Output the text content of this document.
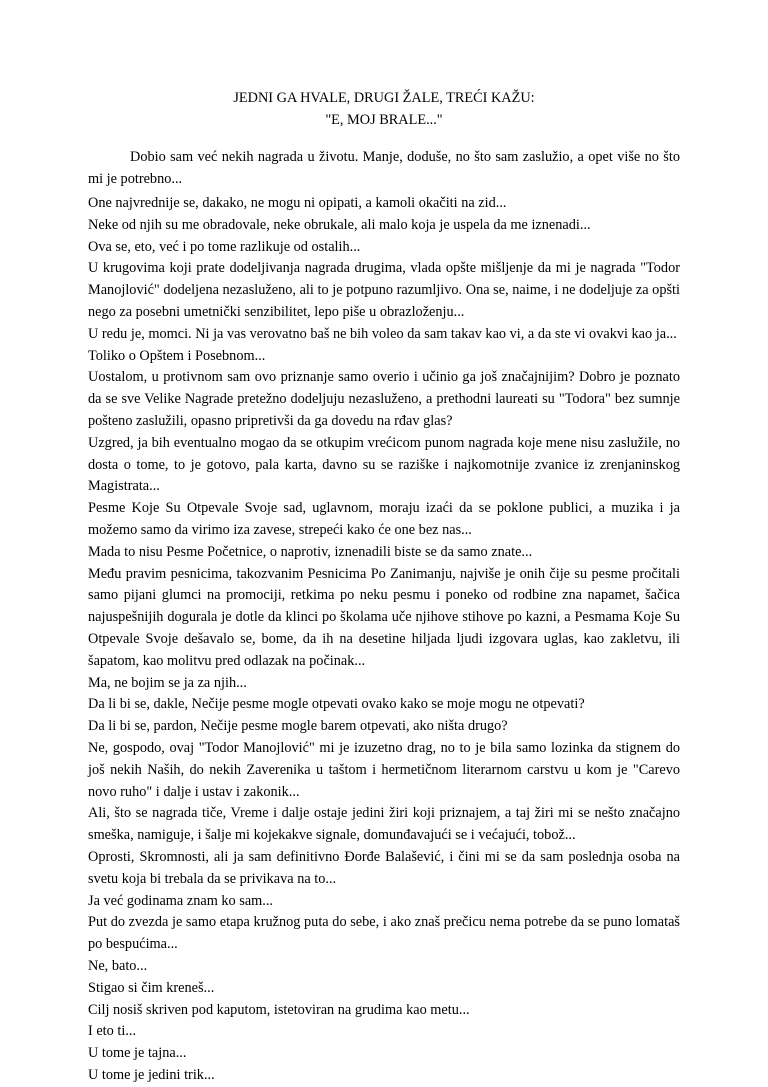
JEDNI GA HVALE, DRUGI ŽALE, TREĆI KAŽU:
"E, MOJ BRALE..."

Dobio sam već nekih nagrada u životu. Manje, doduše, no što sam zaslužio, a opet više no što mi je potrebno...

One najvrednije se, dakako, ne mogu ni opipati, a kamoli okačiti na zid...

Neke od njih su me obradovale, neke obrukale, ali malo koja je uspela da me iznenadi...

Ova se, eto, već i po tome razlikuje od ostalih...

U krugovima koji prate dodeljivanja nagrada drugima, vlada opšte mišljenje da mi je nagrada "Todor Manojlović" dodeljena nezasluženo, ali to je potpuno razumljivo. Ona se, naime, i ne dodeljuje za opšti nego za posebni umetnički senzibilitet, lepo piše u obrazloženju...

U redu je, momci. Ni ja vas verovatno baš ne bih voleo da sam takav kao vi, a da ste vi ovakvi kao ja...

Toliko o Opštem i Posebnom...

Uostalom, u protivnom sam ovo priznanje samo overio i učinio ga još značajnijim? Dobro je poznato da se sve Velike Nagrade pretežno dodeljuju nezasluženo, a prethodni laureati su "Todora" bez sumnje pošteno zaslužili, opasno pripretivši da ga dovedu na rđav glas?

Uzgred, ja bih eventualno mogao da se otkupim vrećicom punom nagrada koje mene nisu zaslužile, no dosta o tome, to je gotovo, pala karta, davno su se raziške i najkomotnije zvanice iz zrenjaninskog Magistrata...

Pesme Koje Su Otpevale Svoje sad, uglavnom, moraju izaći da se poklone publici, a muzika i ja možemo samo da virimo iza zavese, strepeći kako će one bez nas...

Mada to nisu Pesme Početnice, o naprotiv, iznenadili biste se da samo znate...

Među pravim pesnicima, takozvanim Pesnicima Po Zanimanju, najviše je onih čije su pesme pročitali samo pijani glumci na promociji, retkima po neku pesmu i poneko od rodbine zna napamet, šačica najuspešnijih dogurala je dotle da klinci po školama uče njihove stihove po kazni, a Pesmama Koje Su Otpevale Svoje dešavalo se, bome, da ih na desetine hiljada ljudi izgovara uglas, kao zakletvu, ili šapatom, kao molitvu pred odlazak na počinak...

Ma, ne bojim se ja za njih...

Da li bi se, dakle, Nečije pesme mogle otpevati ovako kako se moje mogu ne otpevati?

Da li bi se, pardon, Nečije pesme mogle barem otpevati, ako ništa drugo?

Ne, gospodo, ovaj "Todor Manojlović" mi je izuzetno drag, no to je bila samo lozinka da stignem do još nekih Naših, do nekih Zaverenika u taštom i hermetičnom literarnom carstvu u kom je "Carevo novo ruho" i dalje i ustav i zakonik...

Ali, što se nagrada tiče, Vreme i dalje ostaje jedini žiri koji priznajem, a taj žiri mi se nešto značajno smeška, namiguje, i šalje mi kojekakve signale, domunđavajući se i većajući, tobož...

Oprosti, Skromnosti, ali ja sam definitivno Đorđe Balašević, i čini mi se da sam poslednja osoba na svetu koja bi trebala da se privikava na to...

Ja već godinama znam ko sam...

Put do zvezda je samo etapa kružnog puta do sebe, i ako znaš prečicu nema potrebe da se puno lomataš po bespućima...

Ne, bato...

Stigao si čim kreneš...

Cilj nosiš skriven pod kaputom, istetoviran na grudima kao metu...

I eto ti...

U tome je tajna...

U tome je jedini trik...
